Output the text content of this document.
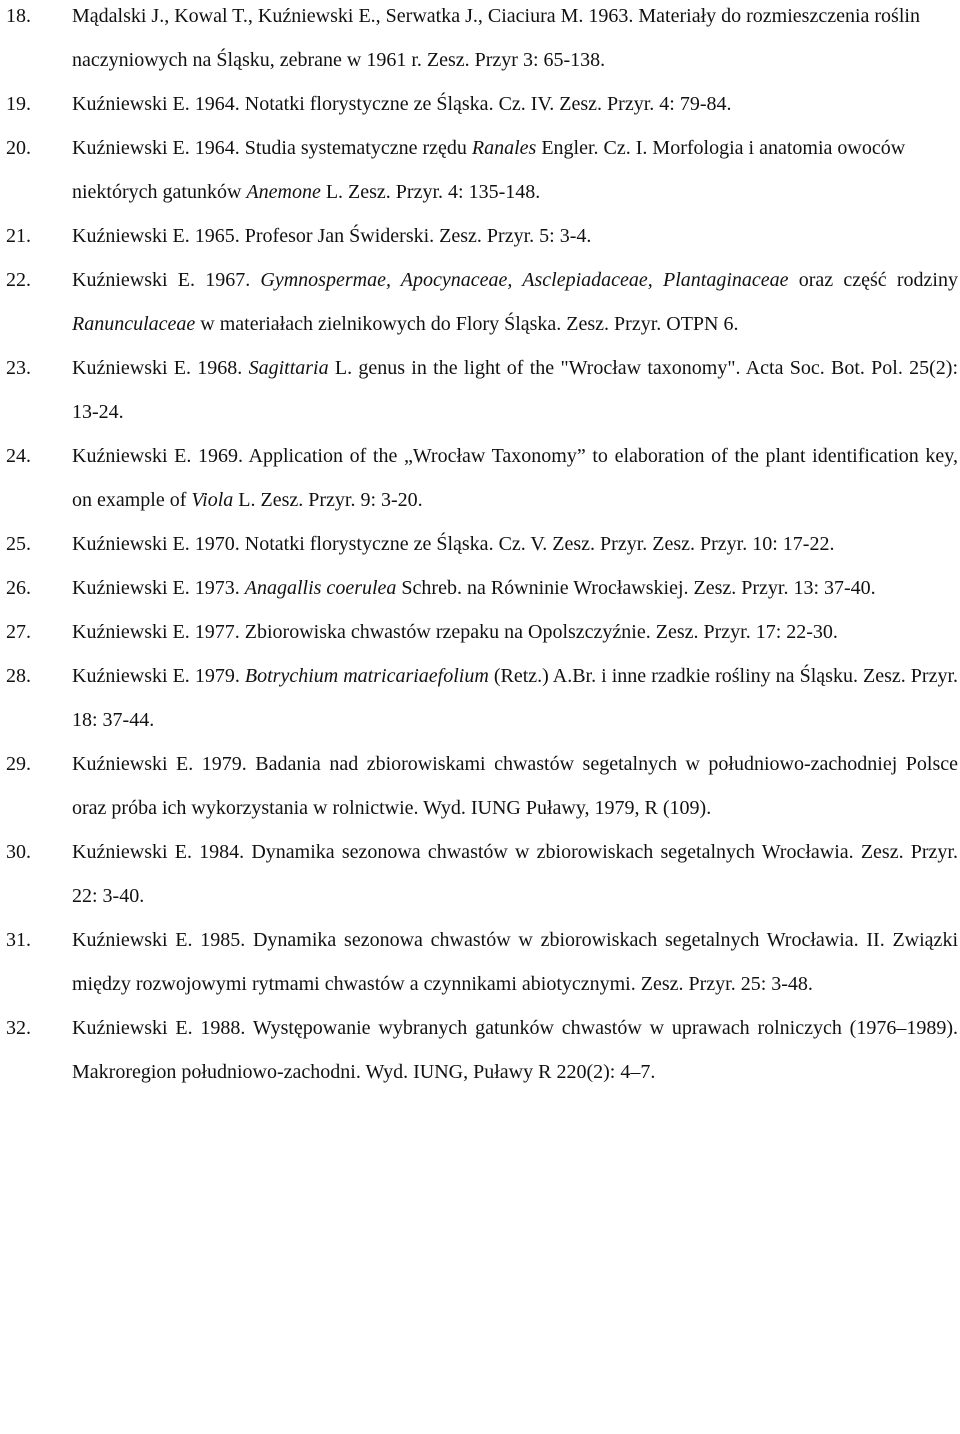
18. Mądalski J., Kowal T., Kuźniewski E., Serwatka J., Ciaciura M. 1963. Materiały do rozmieszczenia roślin naczyniowych na Śląsku, zebrane w 1961 r. Zesz. Przyr 3: 65-138.
19. Kuźniewski E. 1964. Notatki florystyczne ze Śląska. Cz. IV. Zesz. Przyr. 4: 79-84.
20. Kuźniewski E. 1964. Studia systematyczne rzędu Ranales Engler. Cz. I. Morfologia i anatomia owoców niektórych gatunków Anemone L. Zesz. Przyr. 4: 135-148.
21. Kuźniewski E. 1965. Profesor Jan Świderski. Zesz. Przyr. 5: 3-4.
22. Kuźniewski E. 1967. Gymnospermae, Apocynaceae, Asclepiadaceae, Plantaginaceae oraz część rodziny Ranunculaceae w materiałach zielnikowych do Flory Śląska. Zesz. Przyr. OTPN 6.
23. Kuźniewski E. 1968. Sagittaria L. genus in the light of the "Wrocław taxonomy". Acta Soc. Bot. Pol. 25(2): 13-24.
24. Kuźniewski E. 1969. Application of the „Wrocław Taxonomy” to elaboration of the plant identification key, on example of Viola L. Zesz. Przyr. 9: 3-20.
25. Kuźniewski E. 1970. Notatki florystyczne ze Śląska. Cz. V. Zesz. Przyr. Zesz. Przyr. 10: 17-22.
26. Kuźniewski E. 1973. Anagallis coerulea Schreb. na Równinie Wrocławskiej. Zesz. Przyr. 13: 37-40.
27. Kuźniewski E. 1977. Zbiorowiska chwastów rzepaku na Opolszczyźnie. Zesz. Przyr. 17: 22-30.
28. Kuźniewski E. 1979. Botrychium matricariaefolium (Retz.) A.Br. i inne rzadkie rośliny na Śląsku. Zesz. Przyr. 18: 37-44.
29. Kuźniewski E. 1979. Badania nad zbiorowiskami chwastów segetalnych w południowo-zachodniej Polsce oraz próba ich wykorzystania w rolnictwie. Wyd. IUNG Puławy, 1979, R (109).
30. Kuźniewski E. 1984. Dynamika sezonowa chwastów w zbiorowiskach segetalnych Wrocławia. Zesz. Przyr. 22: 3-40.
31. Kuźniewski E. 1985. Dynamika sezonowa chwastów w zbiorowiskach segetalnych Wrocławia. II. Związki między rozwojowymi rytmami chwastów a czynnikami abiotycznymi. Zesz. Przyr. 25: 3-48.
32. Kuźniewski E. 1988. Występowanie wybranych gatunków chwastów w uprawach rolniczych (1976–1989). Makroregion południowo-zachodni. Wyd. IUNG, Puławy R 220(2): 4–7.
